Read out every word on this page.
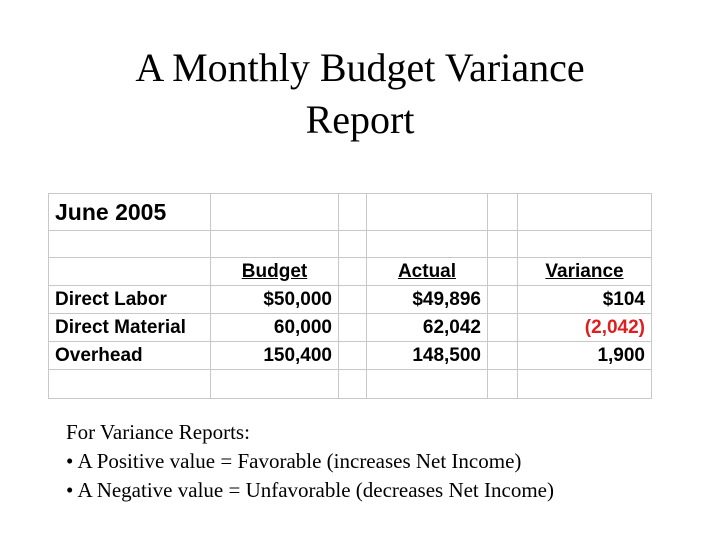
A Monthly Budget Variance
Report
June 2005					

	Budget		Actual		Variance
Direct Labor	$50,000		$49,896		$104
Direct Material	60,000		62,042		(2,042)
Overhead	150,400		148,500		1,900

For Variance Reports:
• A Positive value = Favorable (increases Net Income)
• A Negative value = Unfavorable (decreases Net Income)
